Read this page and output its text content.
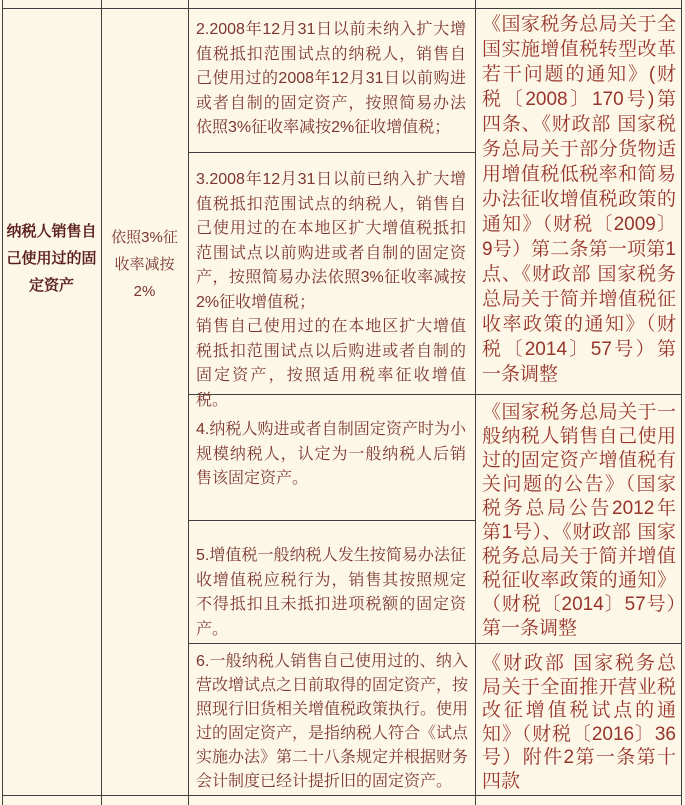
纳税人销售自己使用过的固定资产
依照3%征收率减按2%
2.2008年12月31日以前未纳入扩大增值税抵扣范围试点的纳税人，销售自己使用过的2008年12月31日以前购进或者自制的固定资产，按照简易办法依照3%征收率减按2%征收增值税；
3.2008年12月31日以前已纳入扩大增值税抵扣范围试点的纳税人，销售自己使用过的在本地区扩大增值税抵扣范围试点以前购进或者自制的固定资产，按照简易办法依照3%征收率减按2%征收增值税；
销售自己使用过的在本地区扩大增值税抵扣范围试点以后购进或者自制的固定资产，按照适用税率征收增值税。
4.纳税人购进或者自制固定资产时为小规模纳税人，认定为一般纳税人后销售该固定资产。
5.增值税一般纳税人发生按简易办法征收增值税应税行为，销售其按照规定不得抵扣且未抵扣进项税额的固定资产。
6.一般纳税人销售自己使用过的、纳入营改增试点之日前取得的固定资产，按照现行旧货相关增值税政策执行。使用过的固定资产，是指纳税人符合《试点实施办法》第二十八条规定并根据财务会计制度已经计提折旧的固定资产。
《国家税务总局关于全国实施增值税转型改革若干问题的通知》(财税〔2008〕170号)第四条、《财政部 国家税务总局关于部分货物适用增值税低税率和简易办法征收增值税政策的通知》（财税〔2009〕9号）第二条第一项第1点、《财政部 国家税务总局关于简并增值税征收率政策的通知》（财税〔2014〕57号）第一条调整
《国家税务总局关于一般纳税人销售自己使用过的固定资产增值税有关问题的公告》（国家税务总局公告2012年第1号）、《财政部 国家税务总局关于简并增值税征收率政策的通知》（财税〔2014〕57号）第一条调整
《财政部 国家税务总局关于全面推开营业税改征增值税试点的通知》（财税〔2016〕36号）附件2第一条第十四款
